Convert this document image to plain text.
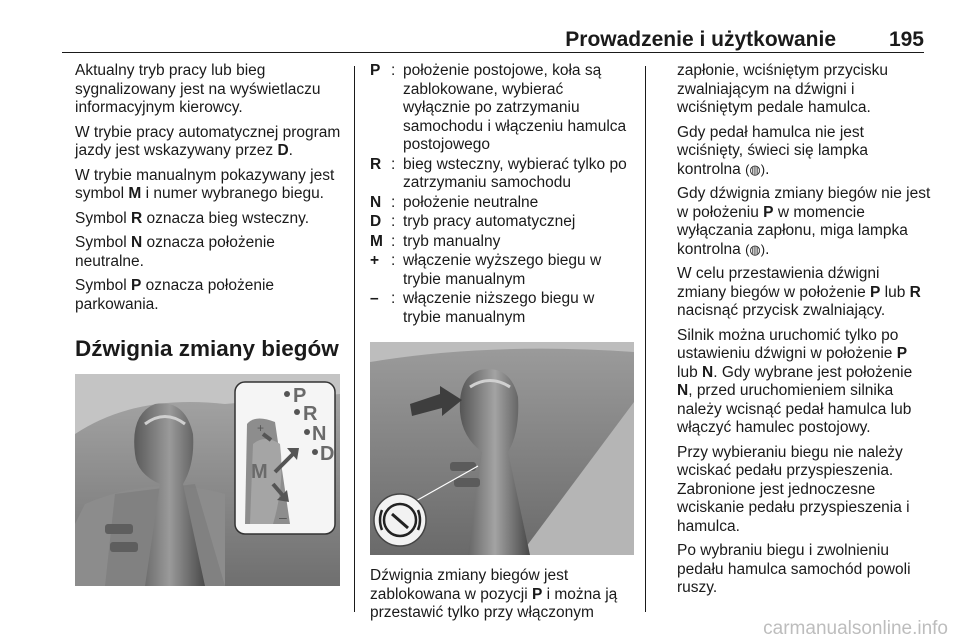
Prowadzenie i użytkowanie	195

Aktualny tryb pracy lub bieg sygnalizowany jest na wyświetlaczu informacyjnym kierowcy.

W trybie pracy automatycznej program jazdy jest wskazywany przez D.

W trybie manualnym pokazywany jest symbol M i numer wybranego biegu.

Symbol R oznacza bieg wsteczny.

Symbol N oznacza położenie neutralne.

Symbol P oznacza położenie parkowania.

Dźwignia zmiany biegów
P
R
N
D
M
+
–
P	:	położenie postojowe, koła są zablokowane, wybierać wyłącznie po zatrzymaniu samochodu i włączeniu hamulca postojowego
R	:	bieg wsteczny, wybierać tylko po zatrzymaniu samochodu
N	:	położenie neutralne
D	:	tryb pracy automatycznej
M	:	tryb manualny
+	:	włączenie wyższego biegu w trybie manualnym
–	:	włączenie niższego biegu w trybie manualnym

Dźwignia zmiany biegów jest zablokowana w pozycji P i można ją przestawić tylko przy włączonym

zapłonie, wciśniętym przycisku zwalniającym na dźwigni i wciśniętym pedale hamulca.

Gdy pedał hamulca nie jest wciśnięty, świeci się lampka kontrolna (◍).

Gdy dźwignia zmiany biegów nie jest w położeniu P w momencie wyłączania zapłonu, miga lampka kontrolna (◍).

W celu przestawienia dźwigni zmiany biegów w położenie P lub R nacisnąć przycisk zwalniający.

Silnik można uruchomić tylko po ustawieniu dźwigni w położenie P lub N. Gdy wybrane jest położenie N, przed uruchomieniem silnika należy wcisnąć pedał hamulca lub włączyć hamulec postojowy.

Przy wybieraniu biegu nie należy wciskać pedału przyspieszenia. Zabronione jest jednoczesne wciskanie pedału przyspieszenia i hamulca.

Po wybraniu biegu i zwolnieniu pedału hamulca samochód powoli ruszy.

carmanualsonline.info
